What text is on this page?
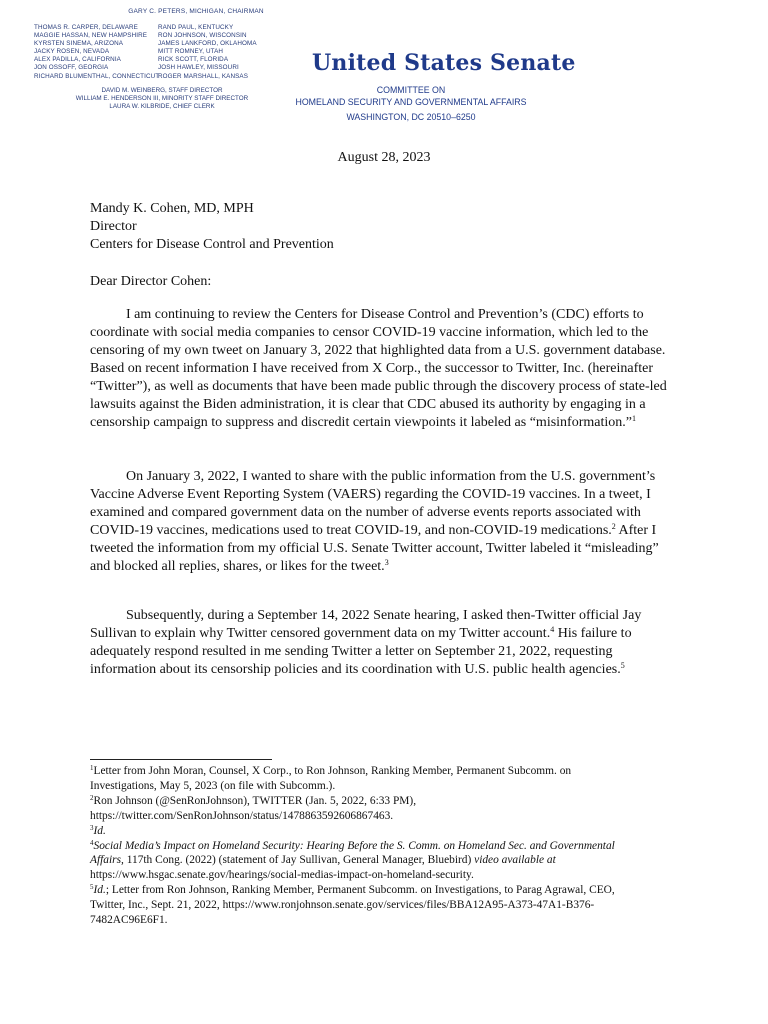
GARY C. PETERS, MICHIGAN, CHAIRMAN
THOMAS R. CARPER, DELAWARE
MAGGIE HASSAN, NEW HAMPSHIRE
KYRSTEN SINEMA, ARIZONA
JACKY ROSEN, NEVADA
ALEX PADILLA, CALIFORNIA
JON OSSOFF, GEORGIA
RICHARD BLUMENTHAL, CONNECTICUT
RAND PAUL, KENTUCKY
RON JOHNSON, WISCONSIN
JAMES LANKFORD, OKLAHOMA
MITT ROMNEY, UTAH
RICK SCOTT, FLORIDA
JOSH HAWLEY, MISSOURI
ROGER MARSHALL, KANSAS
DAVID M. WEINBERG, STAFF DIRECTOR
WILLIAM E. HENDERSON III, MINORITY STAFF DIRECTOR
LAURA W. KILBRIDE, CHIEF CLERK
United States Senate
COMMITTEE ON
HOMELAND SECURITY AND GOVERNMENTAL AFFAIRS
WASHINGTON, DC 20510–6250
August 28, 2023
Mandy K. Cohen, MD, MPH
Director
Centers for Disease Control and Prevention
Dear Director Cohen:

I am continuing to review the Centers for Disease Control and Prevention’s (CDC) efforts to coordinate with social media companies to censor COVID-19 vaccine information, which led to the censoring of my own tweet on January 3, 2022 that highlighted data from a U.S. government database. Based on recent information I have received from X Corp., the successor to Twitter, Inc. (hereinafter “Twitter”), as well as documents that have been made public through the discovery process of state-led lawsuits against the Biden administration, it is clear that CDC abused its authority by engaging in a censorship campaign to suppress and discredit certain viewpoints it labeled as “misinformation.”$^1$

On January 3, 2022, I wanted to share with the public information from the U.S. government’s Vaccine Adverse Event Reporting System (VAERS) regarding the COVID-19 vaccines. In a tweet, I examined and compared government data on the number of adverse events reports associated with COVID-19 vaccines, medications used to treat COVID-19, and non-COVID-19 medications.$^2$ After I tweeted the information from my official U.S. Senate Twitter account, Twitter labeled it “misleading” and blocked all replies, shares, or likes for the tweet.$^3$

Subsequently, during a September 14, 2022 Senate hearing, I asked then-Twitter official Jay Sullivan to explain why Twitter censored government data on my Twitter account.$^4$ His failure to adequately respond resulted in me sending Twitter a letter on September 21, 2022, requesting information about its censorship policies and its coordination with U.S. public health agencies.$^5$

$^1$Letter from John Moran, Counsel, X Corp., to Ron Johnson, Ranking Member, Permanent Subcomm. on
Investigations, May 5, 2023 (on file with Subcomm.).
$^2$Ron Johnson (@SenRonJohnson), TWITTER (Jan. 5, 2022, 6:33 PM),
https://twitter.com/SenRonJohnson/status/1478863592606867463.
$^3$Id.
$^4$Social Media’s Impact on Homeland Security: Hearing Before the S. Comm. on Homeland Sec. and Governmental
Affairs, 117th Cong. (2022) (statement of Jay Sullivan, General Manager, Bluebird) video available at
https://www.hsgac.senate.gov/hearings/social-medias-impact-on-homeland-security.
$^5$Id.; Letter from Ron Johnson, Ranking Member, Permanent Subcomm. on Investigations, to Parag Agrawal, CEO,
Twitter, Inc., Sept. 21, 2022, https://www.ronjohnson.senate.gov/services/files/BBA12A95-A373-47A1-B376-
7482AC96E6F1.
